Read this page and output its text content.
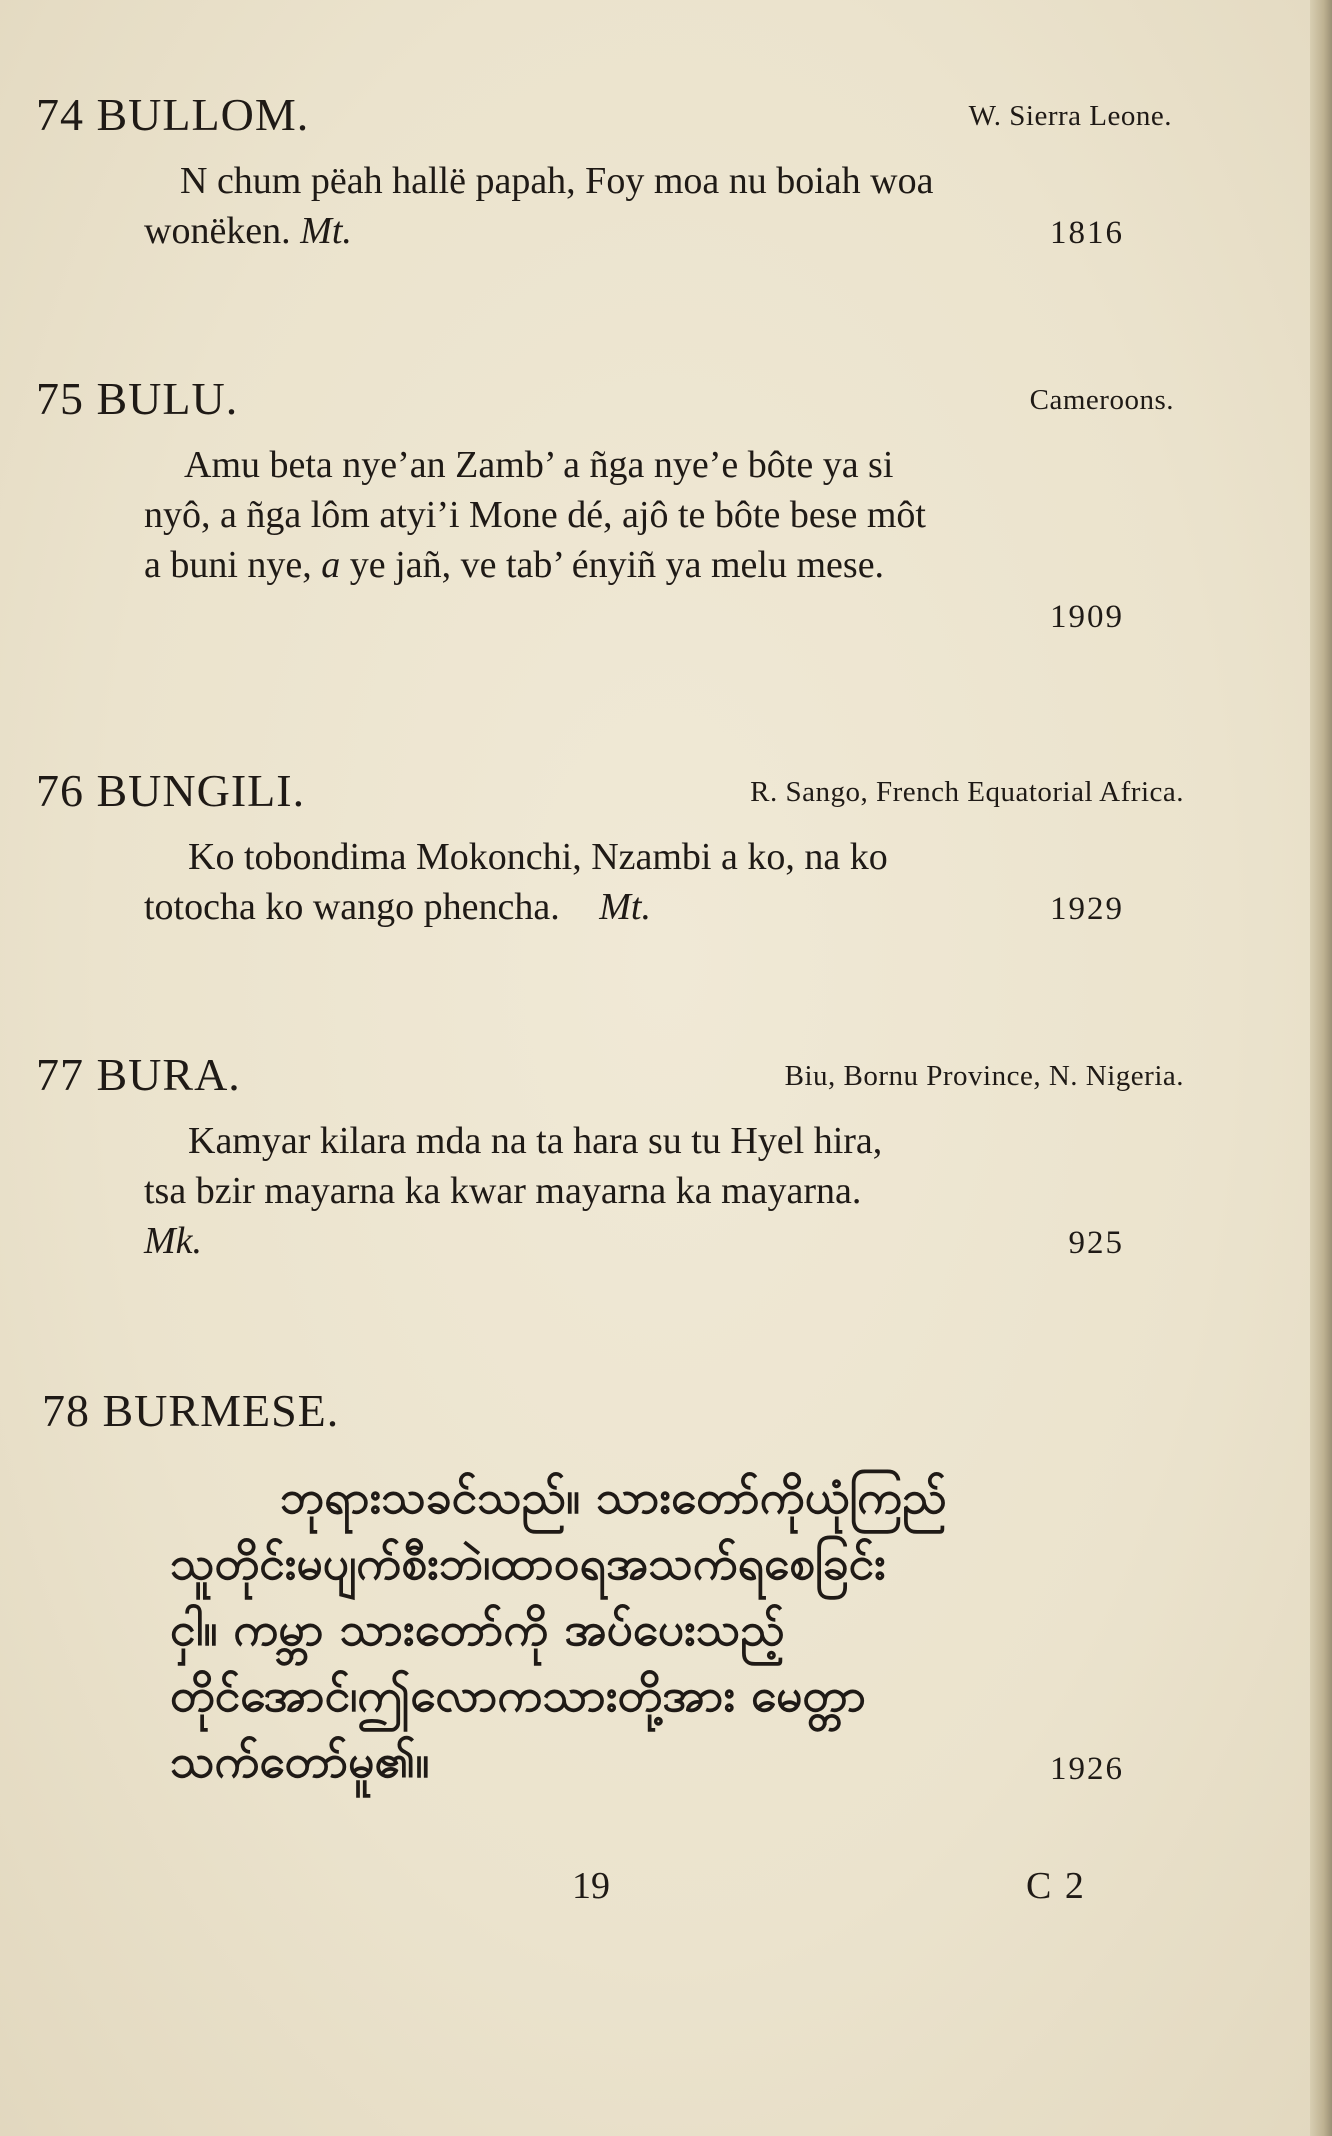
74 BULLOM.	W. Sierra Leone.
N chum pëah hallë papah, Foy moa nu boiah woa
wonëken. Mt.	1816
75 BULU.	Cameroons.
Amu beta nye’an Zamb’ a ñga nye’e bôte ya si
nyô, a ñga lôm atyi’i Mone dé, ajô te bôte bese môt
a buni nye, a ye jañ, ve tab’ ényiñ ya melu mese.
1909
76 BUNGILI.	R. Sango, French Equatorial Africa.
Ko tobondima Mokonchi, Nzambi a ko, na ko
totocha ko wango phencha. Mt.	1929
77 BURA.	Biu, Bornu Province, N. Nigeria.
Kamyar kilara mda na ta hara su tu Hyel hira,
tsa bzir mayarna ka kwar mayarna ka mayarna.
Mk.	925
78 BURMESE.
ဘုရား‌သခင်သည်။ သားတော်ကိုယုံကြည်
သူတိုင်းမပျက်စီးဘဲ၊ထာဝရအသက်ရစေခြင်း
ငှါ။ ကမ္ဘာ သားတော်ကို အပ်ပေးသည့်
တိုင်အောင်၊ဤလောကသားတို့အား မေတ္တာ
သက်တော်မူ၏။	1926
19	C 2
